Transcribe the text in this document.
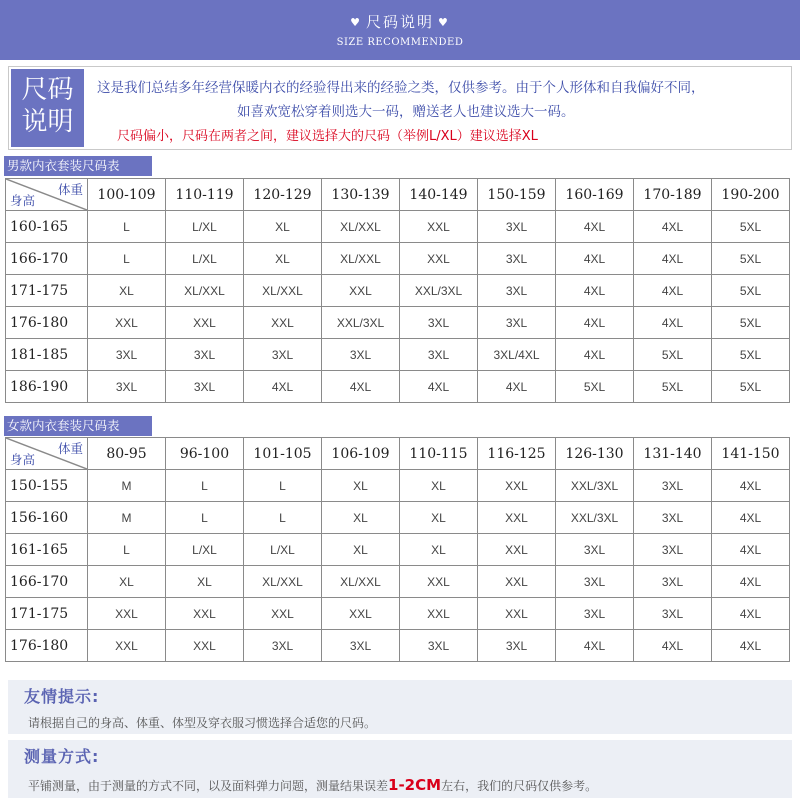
♥ 尺码说明 ♥
SIZE RECOMMENDED
尺码
说明
这是我们总结多年经营保暖内衣的经验得出来的经验之类，仅供参考。由于个人形体和自我偏好不同，
如喜欢宽松穿着则选大一码，赠送老人也建议选大一码。
尺码偏小，尺码在两者之间，建议选择大的尺码（举例L/XL）建议选择XL
男款内衣套装尺码表
体重
身高	100-109	110-119	120-129	130-139	140-149	150-159	160-169	170-189	190-200
160-165	L	L/XL	XL	XL/XXL	XXL	3XL	4XL	4XL	5XL
166-170	L	L/XL	XL	XL/XXL	XXL	3XL	4XL	4XL	5XL
171-175	XL	XL/XXL	XL/XXL	XXL	XXL/3XL	3XL	4XL	4XL	5XL
176-180	XXL	XXL	XXL	XXL/3XL	3XL	3XL	4XL	4XL	5XL
181-185	3XL	3XL	3XL	3XL	3XL	3XL/4XL	4XL	5XL	5XL
186-190	3XL	3XL	4XL	4XL	4XL	4XL	5XL	5XL	5XL
女款内衣套装尺码表
体重
身高	80-95	96-100	101-105	106-109	110-115	116-125	126-130	131-140	141-150
150-155	M	L	L	XL	XL	XXL	XXL/3XL	3XL	4XL
156-160	M	L	L	XL	XL	XXL	XXL/3XL	3XL	4XL
161-165	L	L/XL	L/XL	XL	XL	XXL	3XL	3XL	4XL
166-170	XL	XL	XL/XXL	XL/XXL	XXL	XXL	3XL	3XL	4XL
171-175	XXL	XXL	XXL	XXL	XXL	XXL	3XL	3XL	4XL
176-180	XXL	XXL	3XL	3XL	3XL	3XL	4XL	4XL	4XL
友情提示:
请根据自己的身高、体重、体型及穿衣服习惯选择合适您的尺码。
测量方式:
平铺测量，由于测量的方式不同，以及面料弹力问题，测量结果误差1-2CM左右，我们的尺码仅供参考。
